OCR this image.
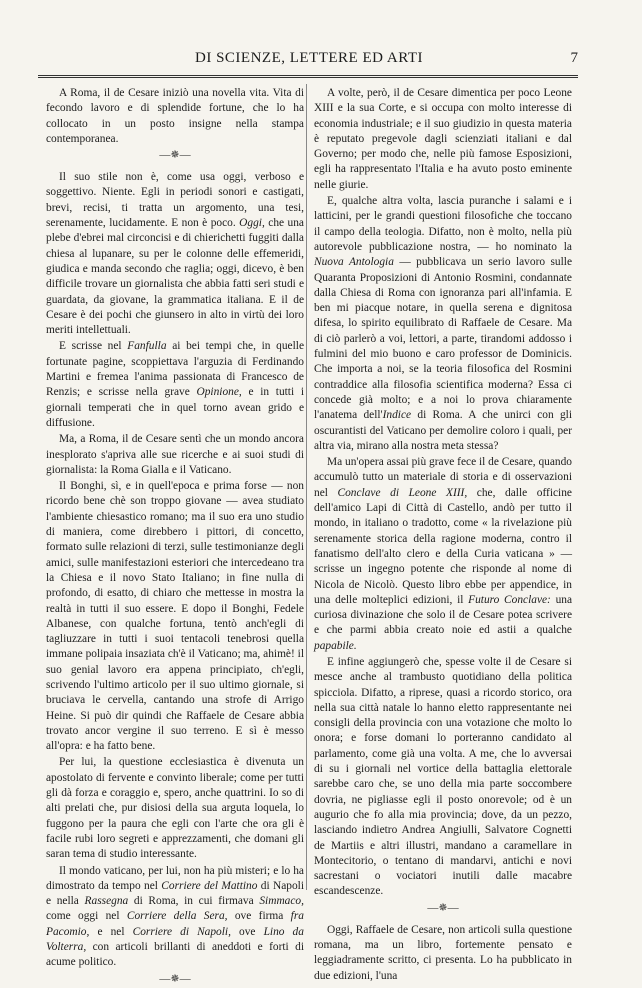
DI SCIENZE, LETTERE ED ARTI	7

A Roma, il de Cesare iniziò una novella vita. Vita di fecondo lavoro e di splendide fortune, che lo ha collocato in un posto insigne nella stampa contemporanea.

—✵—

Il suo stile non è, come usa oggi, verboso e soggettivo. Niente. Egli in periodi sonori e castigati, brevi, recisi, ti tratta un argomento, una tesi, serenamente, lucidamente. E non è poco. Oggi, che una plebe d'ebrei mal circoncisi e di chierichetti fuggiti dalla chiesa al lupanare, su per le colonne delle effemeridi, giudica e manda secondo che raglia; oggi, dicevo, è ben difficile trovare un giornalista che abbia fatti seri studi e guardata, da giovane, la grammatica italiana. E il de Cesare è dei pochi che giunsero in alto in virtù dei loro meriti intellettuali.

E scrisse nel Fanfulla ai bei tempi che, in quelle fortunate pagine, scoppiettava l'arguzia di Ferdinando Martini e fremea l'anima passionata di Francesco de Renzis; e scrisse nella grave Opinione, e in tutti i giornali temperati che in quel torno avean grido e diffusione.

Ma, a Roma, il de Cesare sentì che un mondo ancora inesplorato s'apriva alle sue ricerche e ai suoi studi di giornalista: la Roma Gialla e il Vaticano.

Il Bonghi, sì, e in quell'epoca e prima forse — non ricordo bene chè son troppo giovane — avea studiato l'ambiente chiesastico romano; ma il suo era uno studio di maniera, come direbbero i pittori, di concetto, formato sulle relazioni di terzi, sulle testimonianze degli amici, sulle manifestazioni esteriori che intercedeano tra la Chiesa e il novo Stato Italiano; in fine nulla di profondo, di esatto, di chiaro che mettesse in mostra la realtà in tutti il suo essere. E dopo il Bonghi, Fedele Albanese, con qualche fortuna, tentò anch'egli di tagliuzzare in tutti i suoi tentacoli tenebrosi quella immane polipaia insaziata ch'è il Vaticano; ma, ahimè! il suo genial lavoro era appena principiato, ch'egli, scrivendo l'ultimo articolo per il suo ultimo giornale, si bruciava le cervella, cantando una strofe di Arrigo Heine. Si può dir quindi che Raffaele de Cesare abbia trovato ancor vergine il suo terreno. E sì è messo all'opra: e ha fatto bene.

Per lui, la questione ecclesiastica è divenuta un apostolato di fervente e convinto liberale; come per tutti gli dà forza e coraggio e, spero, anche quattrini. Io so di alti prelati che, pur disiosi della sua arguta loquela, lo fuggono per la paura che egli con l'arte che ora gli è facile rubi loro segreti e apprezzamenti, che domani gli saran tema di studio interessante.

Il mondo vaticano, per lui, non ha più misteri; e lo ha dimostrato da tempo nel Corriere del Mattino di Napoli e nella Rassegna di Roma, in cui firmava Simmaco, come oggi nel Corriere della Sera, ove firma fra Pacomio, e nel Corriere di Napoli, ove Lino da Volterra, con articoli brillanti di aneddoti e forti di acume politico.

—✵—

A volte, però, il de Cesare dimentica per poco Leone XIII e la sua Corte, e si occupa con molto interesse di economia industriale; e il suo giudizio in questa materia è reputato pregevole dagli scienziati italiani e dal Governo; per modo che, nelle più famose Esposizioni, egli ha rappresentato l'Italia e ha avuto posto eminente nelle giurie.

E, qualche altra volta, lascia puranche i salami e i latticini, per le grandi questioni filosofiche che toccano il campo della teologia. Difatto, non è molto, nella più autorevole pubblicazione nostra, — ho nominato la Nuova Antologia — pubblicava un serio lavoro sulle Quaranta Proposizioni di Antonio Rosmini, condannate dalla Chiesa di Roma con ignoranza pari all'infamia. E ben mi piacque notare, in quella serena e dignitosa difesa, lo spirito equilibrato di Raffaele de Cesare. Ma di ciò parlerò a voi, lettori, a parte, tirandomi addosso i fulmini del mio buono e caro professor de Dominicis. Che importa a noi, se la teoria filosofica del Rosmini contraddice alla filosofia scientifica moderna? Essa ci concede già molto; e a noi lo prova chiaramente l'anatema dell'Indice di Roma. A che unirci con gli oscurantisti del Vaticano per demolire coloro i quali, per altra via, mirano alla nostra meta stessa?

Ma un'opera assai più grave fece il de Cesare, quando accumulò tutto un materiale di storia e di osservazioni nel Conclave di Leone XIII, che, dalle officine dell'amico Lapi di Città di Castello, andò per tutto il mondo, in italiano o tradotto, come « la rivelazione più serenamente storica della ragione moderna, contro il fanatismo dell'alto clero e della Curia vaticana » — scrisse un ingegno potente che risponde al nome di Nicola de Nicolò. Questo libro ebbe per appendice, in una delle molteplici edizioni, il Futuro Conclave: una curiosa divinazione che solo il de Cesare potea scrivere e che parmi abbia creato noie ed astii a qualche papabile.

E infine aggiungerò che, spesse volte il de Cesare si mesce anche al trambusto quotidiano della politica spicciola. Difatto, a riprese, quasi a ricordo storico, ora nella sua città natale lo hanno eletto rappresentante nei consigli della provincia con una votazione che molto lo onora; e forse domani lo porteranno candidato al parlamento, come già una volta. A me, che lo avversai di su i giornali nel vortice della battaglia elettorale sarebbe caro che, se uno della mia parte soccombere dovria, ne pigliasse egli il posto onorevole; od è un augurio che fo alla mia provincia; dove, da un pezzo, lasciando indietro Andrea Angiulli, Salvatore Cognetti de Martiis e altri illustri, mandano a caramellare in Montecitorio, o tentano di mandarvi, antichi e novi sacrestani o vociatori inutili dalle macabre escandescenze.

—✵—

Oggi, Raffaele de Cesare, non articoli sulla questione romana, ma un libro, fortemente pensato e leggiadramente scritto, ci presenta. Lo ha pubblicato in due edizioni, l'una
